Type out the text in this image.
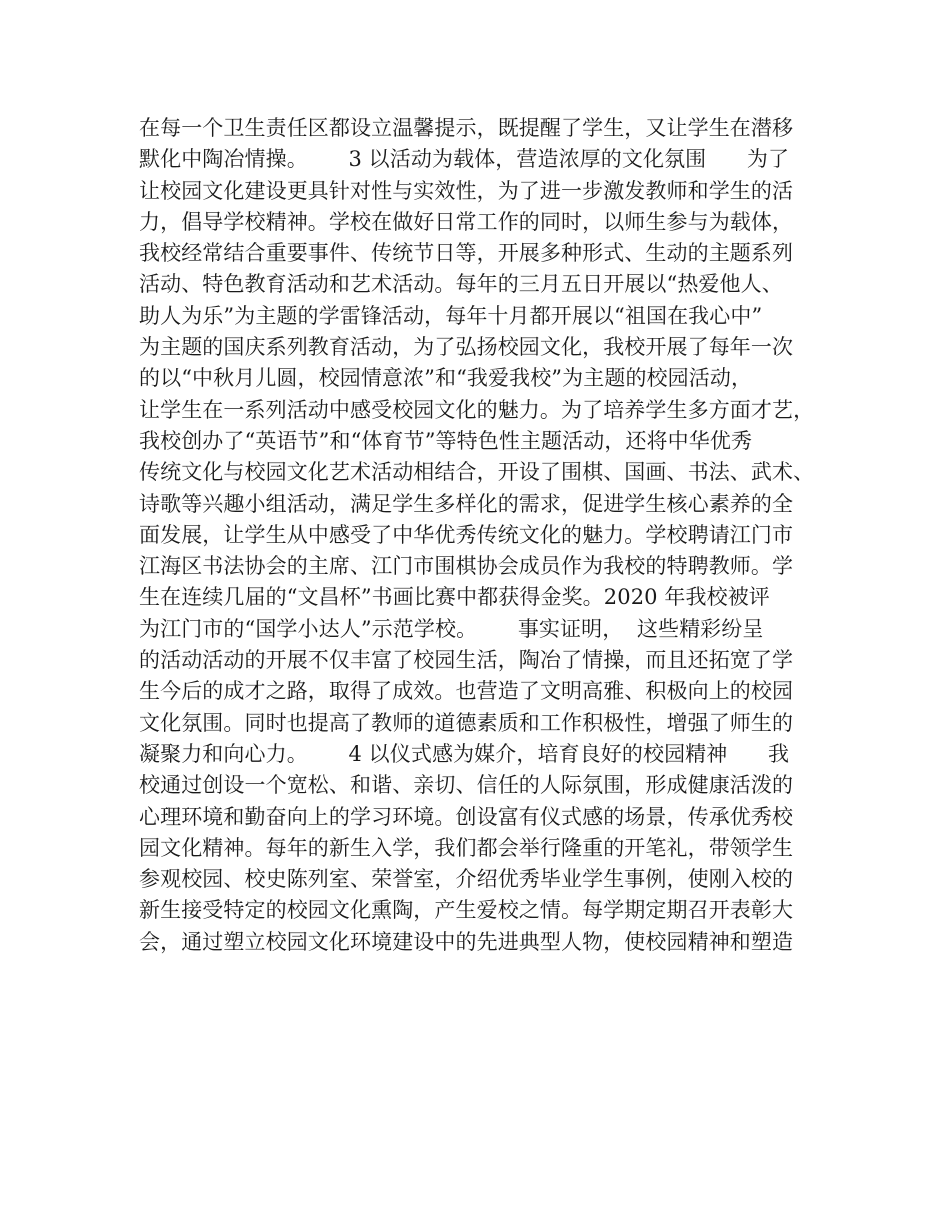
在每一个卫生责任区都设立温馨提示，既提醒了学生，又让学生在潜移
默化中陶冶情操。      3 以活动为载体，营造浓厚的文化氛围      为了
让校园文化建设更具针对性与实效性，为了进一步激发教师和学生的活
力，倡导学校精神。学校在做好日常工作的同时，以师生参与为载体，
我校经常结合重要事件、传统节日等，开展多种形式、生动的主题系列
活动、特色教育活动和艺术活动。每年的三月五日开展以“热爱他人、
助人为乐”为主题的学雷锋活动，每年十月都开展以“祖国在我心中”
为主题的国庆系列教育活动，为了弘扬校园文化，我校开展了每年一次
的以“中秋月儿圆，校园情意浓”和“我爱我校”为主题的校园活动，
让学生在一系列活动中感受校园文化的魅力。为了培养学生多方面才艺，
我校创办了“英语节”和“体育节”等特色性主题活动，还将中华优秀
传统文化与校园文化艺术活动相结合，开设了围棋、国画、书法、武术、
诗歌等兴趣小组活动，满足学生多样化的需求，促进学生核心素养的全
面发展，让学生从中感受了中华优秀传统文化的魅力。学校聘请江门市
江海区书法协会的主席、江门市围棋协会成员作为我校的特聘教师。学
生在连续几届的“文昌杯”书画比赛中都获得金奖。2020 年我校被评
为江门市的“国学小达人”示范学校。      事实证明，  这些精彩纷呈
的活动活动的开展不仅丰富了校园生活，陶冶了情操，而且还拓宽了学
生今后的成才之路，取得了成效。也营造了文明高雅、积极向上的校园
文化氛围。同时也提高了教师的道德素质和工作积极性，增强了师生的
凝聚力和向心力。      4 以仪式感为媒介，培育良好的校园精神      我
校通过创设一个宽松、和谐、亲切、信任的人际氛围，形成健康活泼的
心理环境和勤奋向上的学习环境。创设富有仪式感的场景，传承优秀校
园文化精神。每年的新生入学，我们都会举行隆重的开笔礼，带领学生
参观校园、校史陈列室、荣誉室，介绍优秀毕业学生事例，使刚入校的
新生接受特定的校园文化熏陶，产生爱校之情。每学期定期召开表彰大
会，通过塑立校园文化环境建设中的先进典型人物，使校园精神和塑造
